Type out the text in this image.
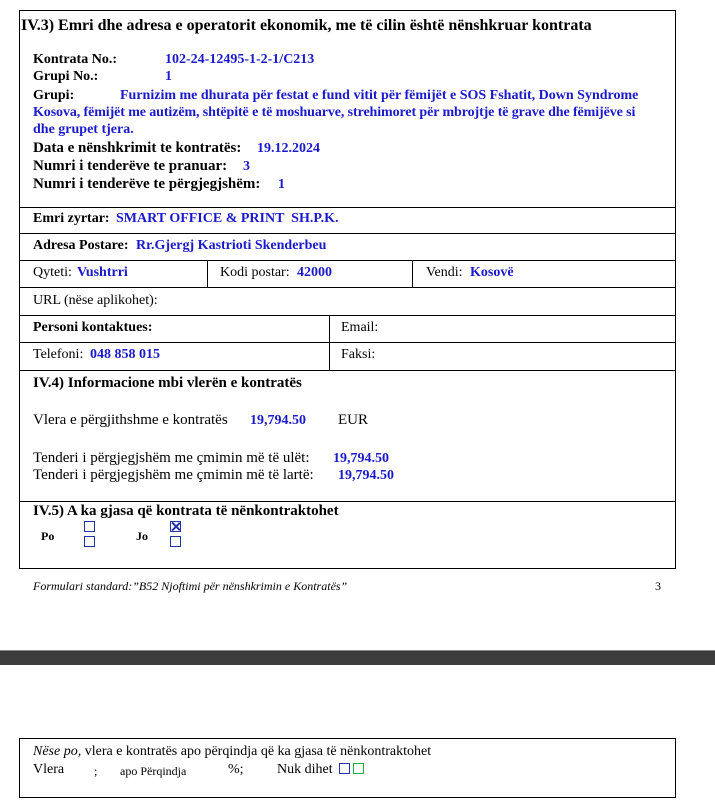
IV.3) Emri dhe adresa e operatorit ekonomik, me të cilin është nënshkruar kontrata
Kontrata No.:	102-24-12495-1-2-1/C213
Grupi No.:	1
Grupi:	Furnizim me dhurata për festat e fund vitit për fëmijët e SOS Fshatit, Down Syndrome
Kosova, fëmijët me autizëm, shtëpitë e të moshuarve, strehimoret për mbrojtje të grave dhe fëmijëve si
dhe grupet tjera.
Data e nënshkrimit te kontratës: 19.12.2024
Numri i tenderëve te pranuar: 3
Numri i tenderëve te përgjegjshëm: 1
Emri zyrtar: SMART OFFICE & PRINT  SH.P.K.
Adresa Postare: Rr.Gjergj Kastrioti Skenderbeu
Qyteti: Vushtrri	Kodi postar: 42000	Vendi: Kosovë
URL (nëse aplikohet):
Personi kontaktues:	Email:
Telefoni: 048 858 015	Faksi:
IV.4) Informacione mbi vlerën e kontratës
Vlera e përgjithshme e kontratës 19,794.50 EUR
Tenderi i përgjegjshëm me çmimin më të ulët: 19,794.50
Tenderi i përgjegjshëm me çmimin më të lartë: 19,794.50
IV.5) A ka gjasa që kontrata të nënkontraktohet
Po	Jo
Formulari standard:”B52 Njoftimi për nënshkrimin e Kontratës”	3
Nëse po, vlera e kontratës apo përqindja që ka gjasa të nënkontraktohet
Vlera ; apo Përqindja	%; Nuk dihet
